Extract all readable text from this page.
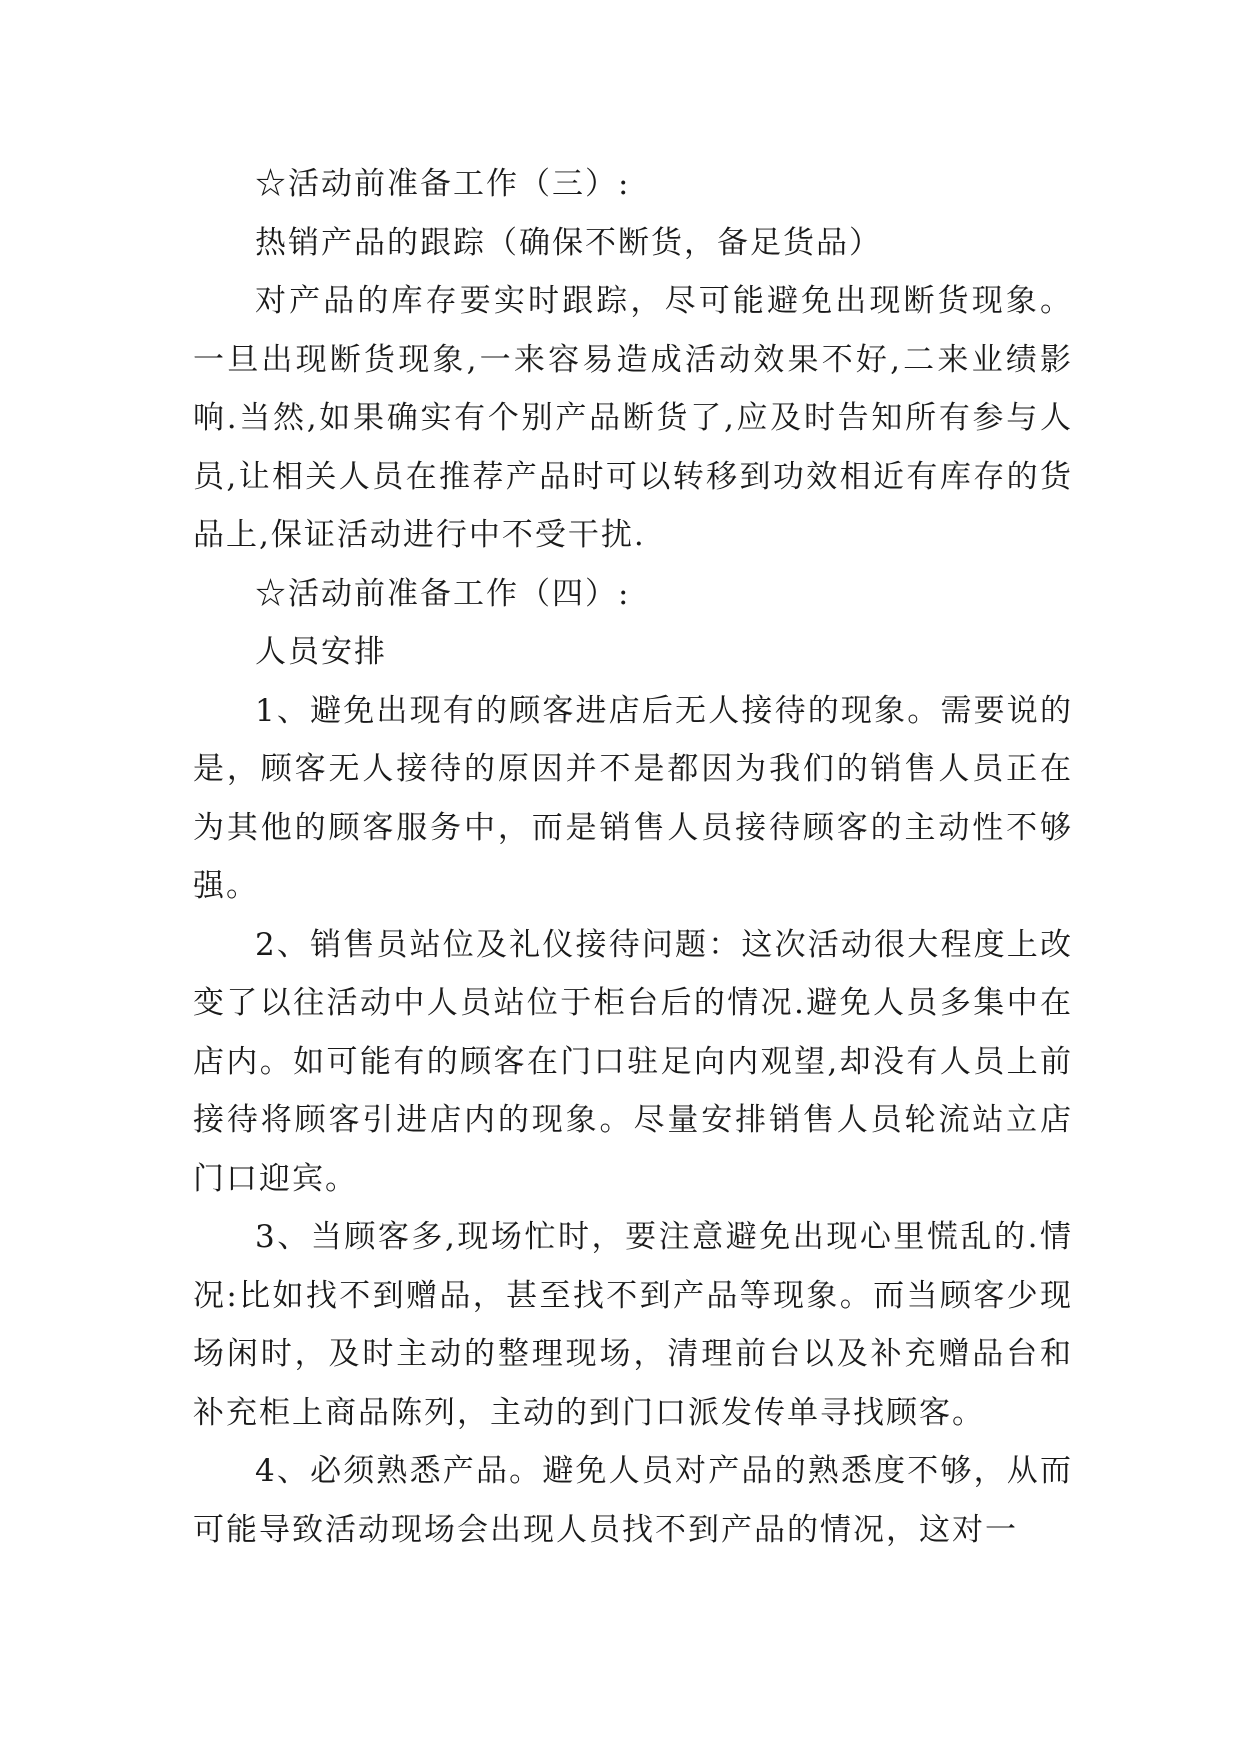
☆活动前准备工作（三）:

热销产品的跟踪（确保不断货，备足货品）

对产品的库存要实时跟踪，尽可能避免出现断货现象。一旦出现断货现象,一来容易造成活动效果不好,二来业绩影响.当然,如果确实有个别产品断货了,应及时告知所有参与人员,让相关人员在推荐产品时可以转移到功效相近有库存的货品上,保证活动进行中不受干扰.

☆活动前准备工作（四）:

人员安排

1、避免出现有的顾客进店后无人接待的现象。需要说的是，顾客无人接待的原因并不是都因为我们的销售人员正在为其他的顾客服务中，而是销售人员接待顾客的主动性不够强。

2、销售员站位及礼仪接待问题：这次活动很大程度上改变了以往活动中人员站位于柜台后的情况.避免人员多集中在店内。如可能有的顾客在门口驻足向内观望,却没有人员上前接待将顾客引进店内的现象。尽量安排销售人员轮流站立店门口迎宾。

3、当顾客多,现场忙时，要注意避免出现心里慌乱的.情况:比如找不到赠品，甚至找不到产品等现象。而当顾客少现场闲时，及时主动的整理现场，清理前台以及补充赠品台和补充柜上商品陈列，主动的到门口派发传单寻找顾客。

4、必须熟悉产品。避免人员对产品的熟悉度不够，从而可能导致活动现场会出现人员找不到产品的情况，这对一
